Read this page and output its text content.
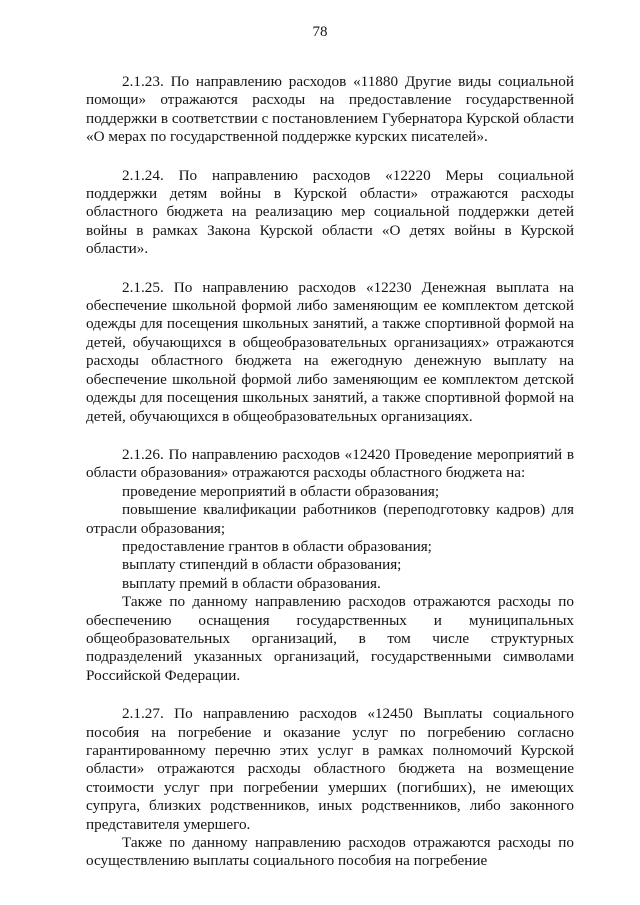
78

2.1.23. По направлению расходов «11880 Другие виды социальной помощи» отражаются расходы на предоставление государственной поддержки в соответствии с постановлением Губернатора Курской области «О мерах по государственной поддержке курских писателей».

2.1.24. По направлению расходов «12220 Меры социальной поддержки детям войны в Курской области» отражаются расходы областного бюджета на реализацию мер социальной поддержки детей войны в рамках Закона Курской области «О детях войны в Курской области».

2.1.25. По направлению расходов «12230 Денежная выплата на обеспечение школьной формой либо заменяющим ее комплектом детской одежды для посещения школьных занятий, а также спортивной формой на детей, обучающихся в общеобразовательных организациях» отражаются расходы областного бюджета на ежегодную денежную выплату на обеспечение школьной формой либо заменяющим ее комплектом детской одежды для посещения школьных занятий, а также спортивной формой на детей, обучающихся в общеобразовательных организациях.

2.1.26. По направлению расходов «12420 Проведение мероприятий в области образования» отражаются расходы областного бюджета на:

проведение мероприятий в области образования;

повышение квалификации работников (переподготовку кадров) для отрасли образования;

предоставление грантов в области образования;

выплату стипендий в области образования;

выплату премий в области образования.

Также по данному направлению расходов отражаются расходы по обеспечению оснащения государственных и муниципальных общеобразовательных организаций, в том числе структурных подразделений указанных организаций, государственными символами Российской Федерации.

2.1.27. По направлению расходов «12450 Выплаты социального пособия на погребение и оказание услуг по погребению согласно гарантированному перечню этих услуг в рамках полномочий Курской области» отражаются расходы областного бюджета на возмещение стоимости услуг при погребении умерших (погибших), не имеющих супруга, близких родственников, иных родственников, либо законного представителя умершего.

Также по данному направлению расходов отражаются расходы по осуществлению выплаты социального пособия на погребение
